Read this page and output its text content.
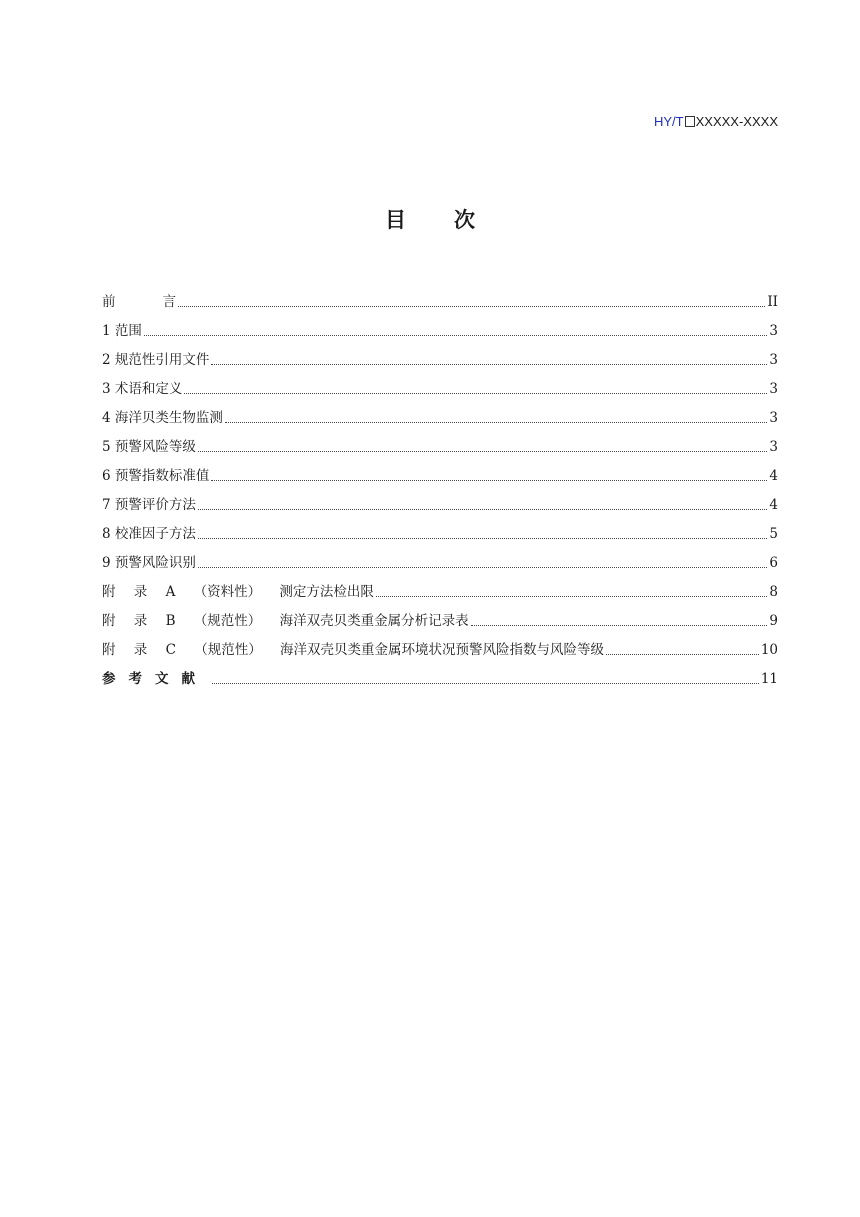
HY/T XXXXX-XXXX
目 次
前言	II
1 范围	3
2 规范性引用文件	3
3 术语和定义	3
4 海洋贝类生物监测	3
5 预警风险等级	3
6 预警指数标准值	4
7 预警评价方法	4
8 校准因子方法	5
9 预警风险识别	6
附 录 A （资料性） 测定方法检出限	8
附 录 B （规范性） 海洋双壳贝类重金属分析记录表	9
附 录 C （规范性） 海洋双壳贝类重金属环境状况预警风险指数与风险等级	10
参考文献	11
